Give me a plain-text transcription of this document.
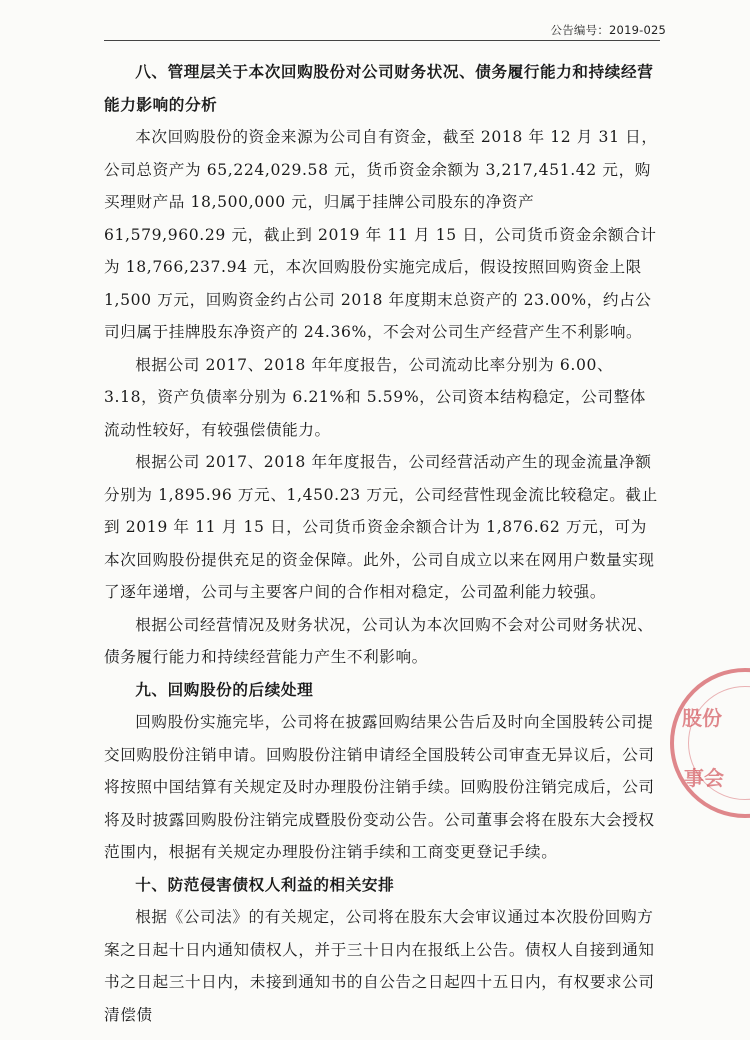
公告编号：2019-025
八、管理层关于本次回购股份对公司财务状况、债务履行能力和持续经营能力影响的分析

本次回购股份的资金来源为公司自有资金，截至 2018 年 12 月 31 日，公司总资产为 65,224,029.58 元，货币资金余额为 3,217,451.42 元，购买理财产品 18,500,000 元，归属于挂牌公司股东的净资产 61,579,960.29 元，截止到 2019 年 11 月 15 日，公司货币资金余额合计为 18,766,237.94 元，本次回购股份实施完成后，假设按照回购资金上限 1,500 万元，回购资金约占公司 2018 年度期末总资产的 23.00%，约占公司归属于挂牌股东净资产的 24.36%，不会对公司生产经营产生不利影响。

根据公司 2017、2018 年年度报告，公司流动比率分别为 6.00、3.18，资产负债率分别为 6.21%和 5.59%，公司资本结构稳定，公司整体流动性较好，有较强偿债能力。

根据公司 2017、2018 年年度报告，公司经营活动产生的现金流量净额分别为 1,895.96 万元、1,450.23 万元，公司经营性现金流比较稳定。截止到 2019 年 11 月 15 日，公司货币资金余额合计为 1,876.62 万元，可为本次回购股份提供充足的资金保障。此外，公司自成立以来在网用户数量实现了逐年递增，公司与主要客户间的合作相对稳定，公司盈利能力较强。

根据公司经营情况及财务状况，公司认为本次回购不会对公司财务状况、债务履行能力和持续经营能力产生不利影响。

九、回购股份的后续处理

回购股份实施完毕，公司将在披露回购结果公告后及时向全国股转公司提交回购股份注销申请。回购股份注销申请经全国股转公司审查无异议后，公司将按照中国结算有关规定及时办理股份注销手续。回购股份注销完成后，公司将及时披露回购股份注销完成暨股份变动公告。公司董事会将在股东大会授权范围内，根据有关规定办理股份注销手续和工商变更登记手续。

十、防范侵害债权人利益的相关安排

根据《公司法》的有关规定，公司将在股东大会审议通过本次股份回购方案之日起十日内通知债权人，并于三十日内在报纸上公告。债权人自接到通知书之日起三十日内，未接到通知书的自公告之日起四十五日内，有权要求公司清偿债

股份
事会
011
